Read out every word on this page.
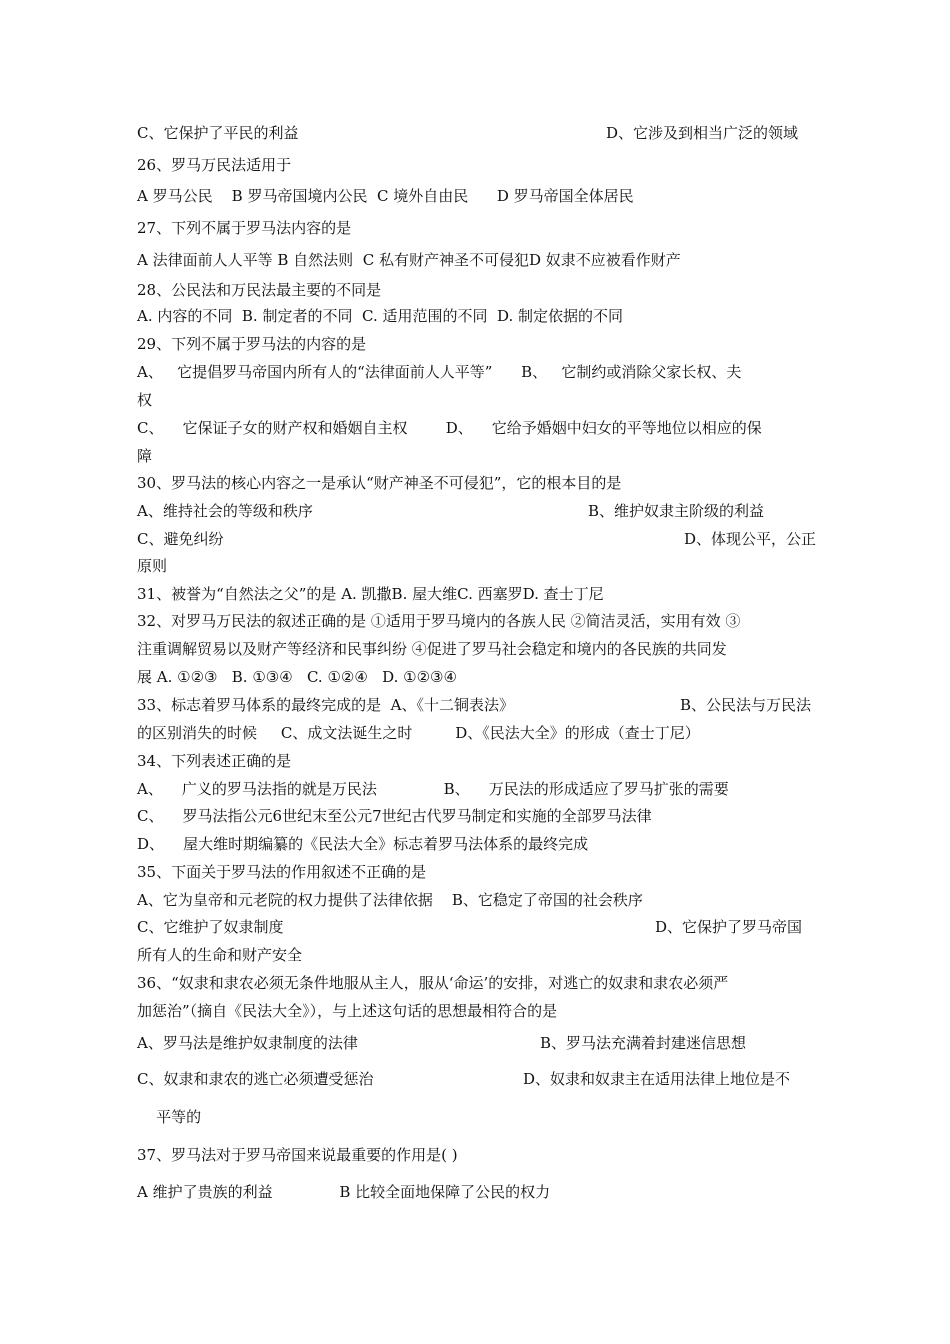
C、它保护了平民的利益	D、它涉及到相当广泛的领域
26、罗马万民法适用于
A 罗马公民    B 罗马帝国境内公民  C 境外自由民      D 罗马帝国全体居民
27、下列不属于罗马法内容的是
A 法律面前人人平等 B 自然法则  C 私有财产神圣不可侵犯D 奴隶不应被看作财产
28、公民法和万民法最主要的不同是
A. 内容的不同  B. 制定者的不同  C. 适用范围的不同  D. 制定依据的不同
29、下列不属于罗马法的内容的是
A、   它提倡罗马帝国内所有人的“法律面前人人平等”      B、   它制约或消除父家长权、夫
权
C、    它保证子女的财产权和婚姻自主权        D、    它给予婚姻中妇女的平等地位以相应的保
障
30、罗马法的核心内容之一是承认“财产神圣不可侵犯”，它的根本目的是
A、维持社会的等级和秩序	B、维护奴隶主阶级的利益
C、避免纠纷	D、体现公平，公正
原则
31、被誉为“自然法之父”的是 A. 凯撒B. 屋大维C. 西塞罗D. 查士丁尼
32、对罗马万民法的叙述正确的是 ①适用于罗马境内的各族人民 ②简洁灵活，实用有效 ③
注重调解贸易以及财产等经济和民事纠纷 ④促进了罗马社会稳定和境内的各民族的共同发
展 A. ①②③   B. ①③④   C. ①②④   D. ①②③④
33、标志着罗马体系的最终完成的是  A、《十二铜表法》	B、公民法与万民法
的区别消失的时候     C、成文法诞生之时         D、《民法大全》的形成（查士丁尼）
34、下列表述正确的是
A、    广义的罗马法指的就是万民法              B、    万民法的形成适应了罗马扩张的需要
C、    罗马法指公元6世纪末至公元7世纪古代罗马制定和实施的全部罗马法律
D、    屋大维时期编纂的《民法大全》标志着罗马法体系的最终完成
35、下面关于罗马法的作用叙述不正确的是
A、它为皇帝和元老院的权力提供了法律依据    B、它稳定了帝国的社会秩序
C、它维护了奴隶制度	D、它保护了罗马帝国
所有人的生命和财产安全
36、“奴隶和隶农必须无条件地服从主人，服从‘命运’的安排，对逃亡的奴隶和隶农必须严
加惩治”（摘自《民法大全》），与上述这句话的思想最相符合的是
A、罗马法是维护奴隶制度的法律	B、罗马法充满着封建迷信思想
C、奴隶和隶农的逃亡必须遭受惩治	D、奴隶和奴隶主在适用法律上地位是不
平等的
37、罗马法对于罗马帝国来说最重要的作用是( )
A 维护了贵族的利益              B 比较全面地保障了公民的权力
